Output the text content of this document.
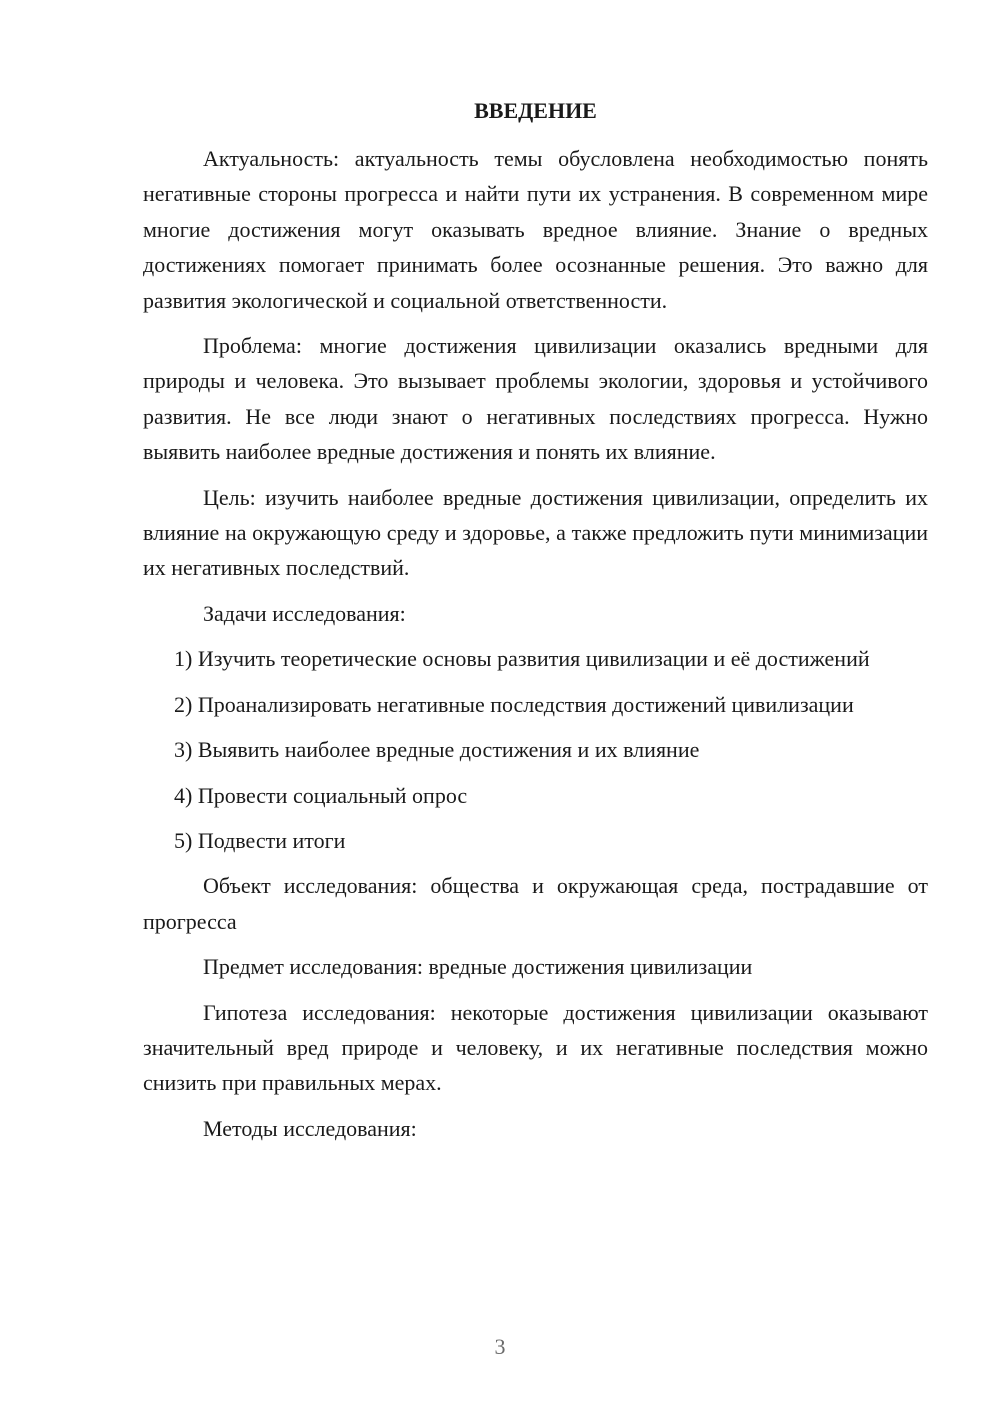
ВВЕДЕНИЕ

Актуальность: актуальность темы обусловлена необходимостью понять негативные стороны прогресса и найти пути их устранения. В современном мире многие достижения могут оказывать вредное влияние. Знание о вредных достижениях помогает принимать более осознанные решения. Это важно для развития экологической и социальной ответственности.

Проблема: многие достижения цивилизации оказались вредными для природы и человека. Это вызывает проблемы экологии, здоровья и устойчивого развития. Не все люди знают о негативных последствиях прогресса. Нужно выявить наиболее вредные достижения и понять их влияние.

Цель: изучить наиболее вредные достижения цивилизации, определить их влияние на окружающую среду и здоровье, а также предложить пути минимизации их негативных последствий.

Задачи исследования:

1) Изучить теоретические основы развития цивилизации и её достижений

2) Проанализировать негативные последствия достижений цивилизации

3) Выявить наиболее вредные достижения и их влияние

4) Провести социальный опрос

5) Подвести итоги

Объект исследования: общества и окружающая среда, пострадавшие от прогресса

Предмет исследования: вредные достижения цивилизации

Гипотеза исследования: некоторые достижения цивилизации оказывают значительный вред природе и человеку, и их негативные последствия можно снизить при правильных мерах.

Методы исследования:

3
